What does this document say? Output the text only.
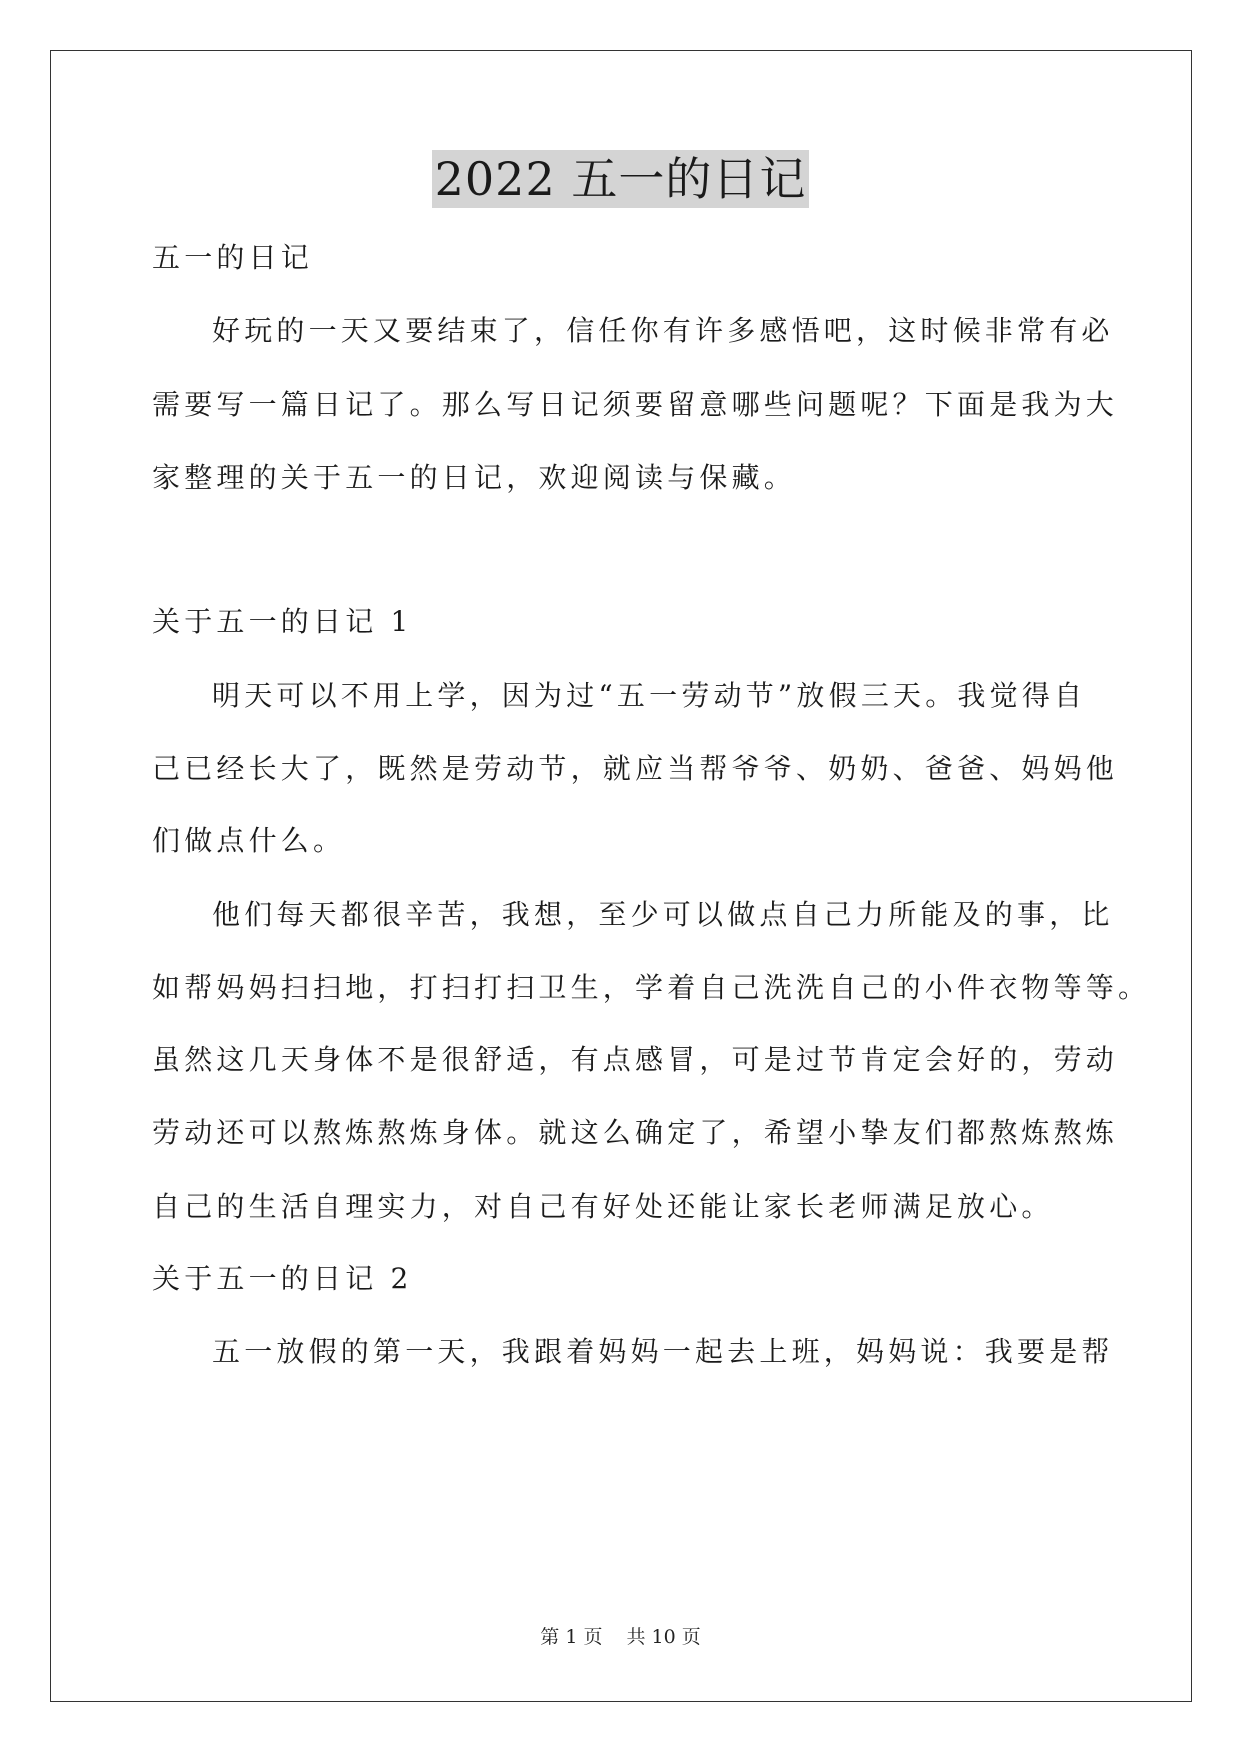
2022 五一的日记

五一的日记

好玩的一天又要结束了，信任你有许多感悟吧，这时候非常有必

需要写一篇日记了。那么写日记须要留意哪些问题呢？下面是我为大

家整理的关于五一的日记，欢迎阅读与保藏。

关于五一的日记 1

明天可以不用上学，因为过“五一劳动节”放假三天。我觉得自

己已经长大了，既然是劳动节，就应当帮爷爷、奶奶、爸爸、妈妈他

们做点什么。

他们每天都很辛苦，我想，至少可以做点自己力所能及的事，比

如帮妈妈扫扫地，打扫打扫卫生，学着自己洗洗自己的小件衣物等等。

虽然这几天身体不是很舒适，有点感冒，可是过节肯定会好的，劳动

劳动还可以熬炼熬炼身体。就这么确定了，希望小挚友们都熬炼熬炼

自己的生活自理实力，对自己有好处还能让家长老师满足放心。

关于五一的日记 2

五一放假的第一天，我跟着妈妈一起去上班，妈妈说：我要是帮

第 1 页 共 10 页
